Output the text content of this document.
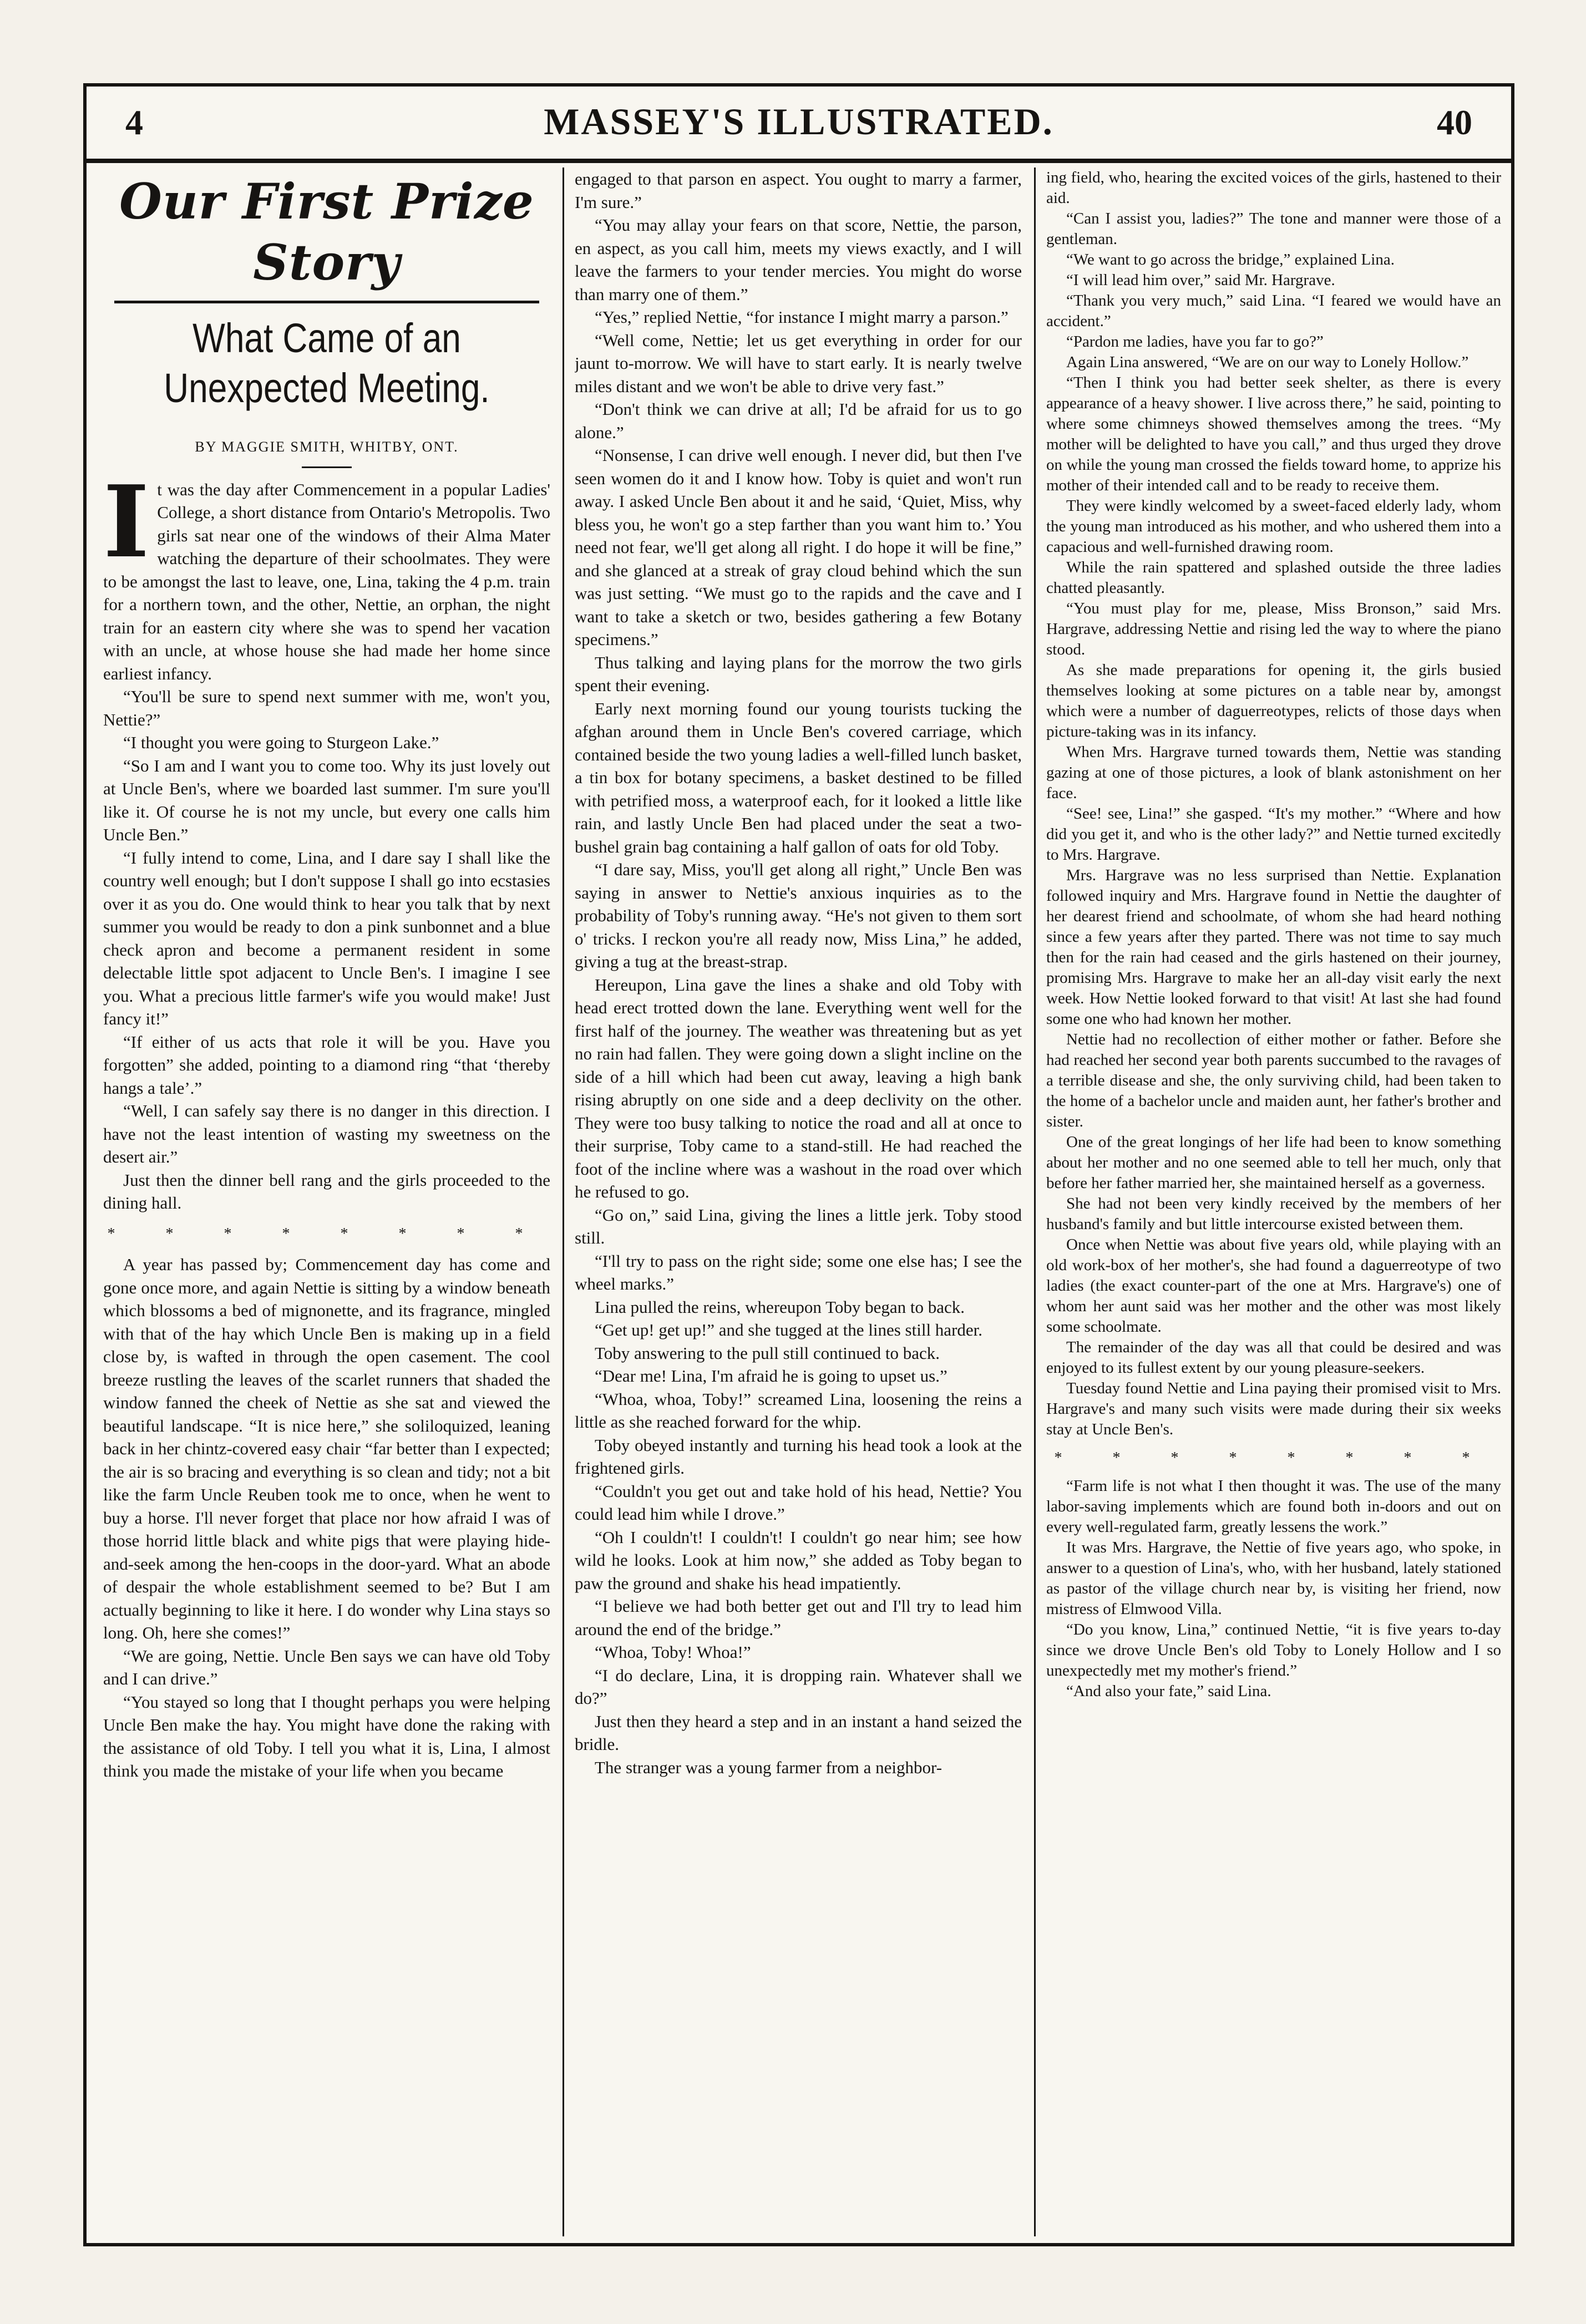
4	MASSEY'S ILLUSTRATED.	40
Our First Prize Story
What Came of an Unexpected Meeting.
BY MAGGIE SMITH, WHITBY, ONT.

It was the day after Commencement in a popular Ladies' College, a short distance from Ontario's Metropolis. Two girls sat near one of the windows of their Alma Mater watching the departure of their schoolmates. They were to be amongst the last to leave, one, Lina, taking the 4 p.m. train for a northern town, and the other, Nettie, an orphan, the night train for an eastern city where she was to spend her vacation with an uncle, at whose house she had made her home since earliest infancy.

“You'll be sure to spend next summer with me, won't you, Nettie?”

“I thought you were going to Sturgeon Lake.”

“So I am and I want you to come too. Why its just lovely out at Uncle Ben's, where we boarded last summer. I'm sure you'll like it. Of course he is not my uncle, but every one calls him Uncle Ben.”

“I fully intend to come, Lina, and I dare say I shall like the country well enough; but I don't suppose I shall go into ecstasies over it as you do. One would think to hear you talk that by next summer you would be ready to don a pink sunbonnet and a blue check apron and become a permanent resident in some delectable little spot adjacent to Uncle Ben's. I imagine I see you. What a precious little farmer's wife you would make! Just fancy it!”

“If either of us acts that role it will be you. Have you forgotten” she added, pointing to a diamond ring “that ‘thereby hangs a tale’.”

“Well, I can safely say there is no danger in this direction. I have not the least intention of wasting my sweetness on the desert air.”

Just then the dinner bell rang and the girls proceeded to the dining hall.

* * * * * * * *

A year has passed by; Commencement day has come and gone once more, and again Nettie is sitting by a window beneath which blossoms a bed of mignonette, and its fragrance, mingled with that of the hay which Uncle Ben is making up in a field close by, is wafted in through the open casement. The cool breeze rustling the leaves of the scarlet runners that shaded the window fanned the cheek of Nettie as she sat and viewed the beautiful landscape. “It is nice here,” she soliloquized, leaning back in her chintz-covered easy chair “far better than I expected; the air is so bracing and everything is so clean and tidy; not a bit like the farm Uncle Reuben took me to once, when he went to buy a horse. I'll never forget that place nor how afraid I was of those horrid little black and white pigs that were playing hide-and-seek among the hen-coops in the door-yard. What an abode of despair the whole establishment seemed to be? But I am actually beginning to like it here. I do wonder why Lina stays so long. Oh, here she comes!”

“We are going, Nettie. Uncle Ben says we can have old Toby and I can drive.”

“You stayed so long that I thought perhaps you were helping Uncle Ben make the hay. You might have done the raking with the assistance of old Toby. I tell you what it is, Lina, I almost think you made the mistake of your life when you became

engaged to that parson en aspect. You ought to marry a farmer, I'm sure.”

“You may allay your fears on that score, Nettie, the parson, en aspect, as you call him, meets my views exactly, and I will leave the farmers to your tender mercies. You might do worse than marry one of them.”

“Yes,” replied Nettie, “for instance I might marry a parson.”

“Well come, Nettie; let us get everything in order for our jaunt to-morrow. We will have to start early. It is nearly twelve miles distant and we won't be able to drive very fast.”

“Don't think we can drive at all; I'd be afraid for us to go alone.”

“Nonsense, I can drive well enough. I never did, but then I've seen women do it and I know how. Toby is quiet and won't run away. I asked Uncle Ben about it and he said, ‘Quiet, Miss, why bless you, he won't go a step farther than you want him to.’ You need not fear, we'll get along all right. I do hope it will be fine,” and she glanced at a streak of gray cloud behind which the sun was just setting. “We must go to the rapids and the cave and I want to take a sketch or two, besides gathering a few Botany specimens.”

Thus talking and laying plans for the morrow the two girls spent their evening.

Early next morning found our young tourists tucking the afghan around them in Uncle Ben's covered carriage, which contained beside the two young ladies a well-filled lunch basket, a tin box for botany specimens, a basket destined to be filled with petrified moss, a waterproof each, for it looked a little like rain, and lastly Uncle Ben had placed under the seat a two-bushel grain bag containing a half gallon of oats for old Toby.

“I dare say, Miss, you'll get along all right,” Uncle Ben was saying in answer to Nettie's anxious inquiries as to the probability of Toby's running away. “He's not given to them sort o' tricks. I reckon you're all ready now, Miss Lina,” he added, giving a tug at the breast-strap.

Hereupon, Lina gave the lines a shake and old Toby with head erect trotted down the lane. Everything went well for the first half of the journey. The weather was threatening but as yet no rain had fallen. They were going down a slight incline on the side of a hill which had been cut away, leaving a high bank rising abruptly on one side and a deep declivity on the other. They were too busy talking to notice the road and all at once to their surprise, Toby came to a stand-still. He had reached the foot of the incline where was a washout in the road over which he refused to go.

“Go on,” said Lina, giving the lines a little jerk. Toby stood still.

“I'll try to pass on the right side; some one else has; I see the wheel marks.”

Lina pulled the reins, whereupon Toby began to back.

“Get up! get up!” and she tugged at the lines still harder.

Toby answering to the pull still continued to back.

“Dear me! Lina, I'm afraid he is going to upset us.”

“Whoa, whoa, Toby!” screamed Lina, loosening the reins a little as she reached forward for the whip.

Toby obeyed instantly and turning his head took a look at the frightened girls.

“Couldn't you get out and take hold of his head, Nettie? You could lead him while I drove.”

“Oh I couldn't! I couldn't! I couldn't go near him; see how wild he looks. Look at him now,” she added as Toby began to paw the ground and shake his head impatiently.

“I believe we had both better get out and I'll try to lead him around the end of the bridge.”

“Whoa, Toby! Whoa!”

“I do declare, Lina, it is dropping rain. Whatever shall we do?”

Just then they heard a step and in an instant a hand seized the bridle.

The stranger was a young farmer from a neighbor-

ing field, who, hearing the excited voices of the girls, hastened to their aid.

“Can I assist you, ladies?” The tone and manner were those of a gentleman.

“We want to go across the bridge,” explained Lina.

“I will lead him over,” said Mr. Hargrave.

“Thank you very much,” said Lina. “I feared we would have an accident.”

“Pardon me ladies, have you far to go?”

Again Lina answered, “We are on our way to Lonely Hollow.”

“Then I think you had better seek shelter, as there is every appearance of a heavy shower. I live across there,” he said, pointing to where some chimneys showed themselves among the trees. “My mother will be delighted to have you call,” and thus urged they drove on while the young man crossed the fields toward home, to apprize his mother of their intended call and to be ready to receive them.

They were kindly welcomed by a sweet-faced elderly lady, whom the young man introduced as his mother, and who ushered them into a capacious and well-furnished drawing room.

While the rain spattered and splashed outside the three ladies chatted pleasantly.

“You must play for me, please, Miss Bronson,” said Mrs. Hargrave, addressing Nettie and rising led the way to where the piano stood.

As she made preparations for opening it, the girls busied themselves looking at some pictures on a table near by, amongst which were a number of daguerreotypes, relicts of those days when picture-taking was in its infancy.

When Mrs. Hargrave turned towards them, Nettie was standing gazing at one of those pictures, a look of blank astonishment on her face.

“See! see, Lina!” she gasped. “It's my mother.” “Where and how did you get it, and who is the other lady?” and Nettie turned excitedly to Mrs. Hargrave.

Mrs. Hargrave was no less surprised than Nettie. Explanation followed inquiry and Mrs. Hargrave found in Nettie the daughter of her dearest friend and schoolmate, of whom she had heard nothing since a few years after they parted. There was not time to say much then for the rain had ceased and the girls hastened on their journey, promising Mrs. Hargrave to make her an all-day visit early the next week. How Nettie looked forward to that visit! At last she had found some one who had known her mother.

Nettie had no recollection of either mother or father. Before she had reached her second year both parents succumbed to the ravages of a terrible disease and she, the only surviving child, had been taken to the home of a bachelor uncle and maiden aunt, her father's brother and sister.

One of the great longings of her life had been to know something about her mother and no one seemed able to tell her much, only that before her father married her, she maintained herself as a governess.

She had not been very kindly received by the members of her husband's family and but little intercourse existed between them.

Once when Nettie was about five years old, while playing with an old work-box of her mother's, she had found a daguerreotype of two ladies (the exact counter-part of the one at Mrs. Hargrave's) one of whom her aunt said was her mother and the other was most likely some schoolmate.

The remainder of the day was all that could be desired and was enjoyed to its fullest extent by our young pleasure-seekers.

Tuesday found Nettie and Lina paying their promised visit to Mrs. Hargrave's and many such visits were made during their six weeks stay at Uncle Ben's.

* * * * * * * *

“Farm life is not what I then thought it was. The use of the many labor-saving implements which are found both in-doors and out on every well-regulated farm, greatly lessens the work.”

It was Mrs. Hargrave, the Nettie of five years ago, who spoke, in answer to a question of Lina's, who, with her husband, lately stationed as pastor of the village church near by, is visiting her friend, now mistress of Elmwood Villa.

“Do you know, Lina,” continued Nettie, “it is five years to-day since we drove Uncle Ben's old Toby to Lonely Hollow and I so unexpectedly met my mother's friend.”

“And also your fate,” said Lina.
